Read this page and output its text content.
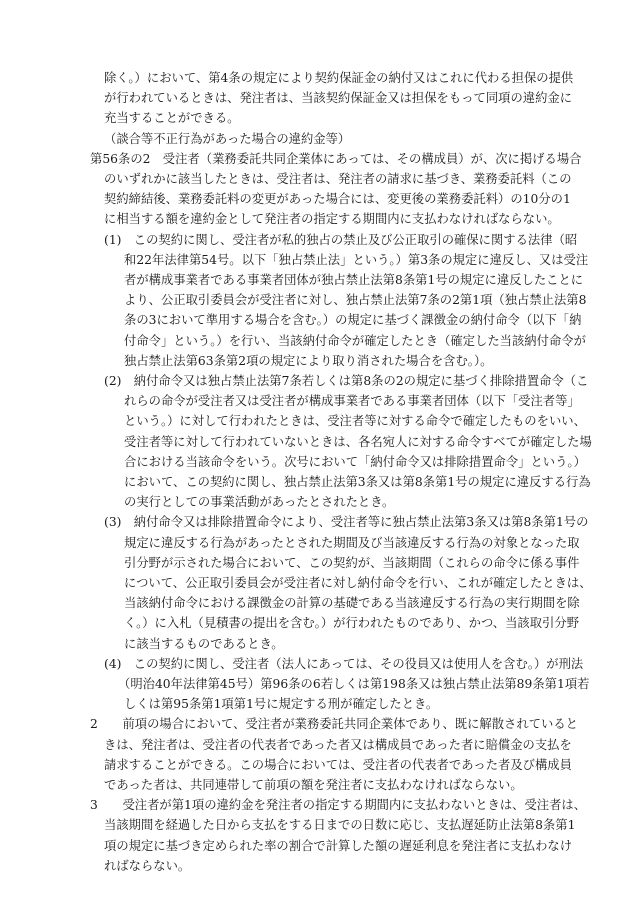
除く。）において、第4条の規定により契約保証金の納付又はこれに代わる担保の提供
が行われているときは、発注者は、当該契約保証金又は担保をもって同項の違約金に
充当することができる。
（談合等不正行為があった場合の違約金等）
第56条の2　受注者（業務委託共同企業体にあっては、その構成員）が、次に掲げる場合
のいずれかに該当したときは、受注者は、発注者の請求に基づき、業務委託料（この
契約締結後、業務委託料の変更があった場合には、変更後の業務委託料）の10分の1
に相当する額を違約金として発注者の指定する期間内に支払わなければならない。
(1)　この契約に関し、受注者が私的独占の禁止及び公正取引の確保に関する法律（昭
和22年法律第54号。以下「独占禁止法」という。）第3条の規定に違反し、又は受注
者が構成事業者である事業者団体が独占禁止法第8条第1号の規定に違反したことに
より、公正取引委員会が受注者に対し、独占禁止法第7条の2第1項（独占禁止法第8
条の3において準用する場合を含む。）の規定に基づく課徴金の納付命令（以下「納
付命令」という。）を行い、当該納付命令が確定したとき（確定した当該納付命令が
独占禁止法第63条第2項の規定により取り消された場合を含む。）。
(2)　納付命令又は独占禁止法第7条若しくは第8条の2の規定に基づく排除措置命令（こ
れらの命令が受注者又は受注者が構成事業者である事業者団体（以下「受注者等」
という。）に対して行われたときは、受注者等に対する命令で確定したものをいい、
受注者等に対して行われていないときは、各名宛人に対する命令すべてが確定した場
合における当該命令をいう。次号において「納付命令又は排除措置命令」という。）
において、この契約に関し、独占禁止法第3条又は第8条第1号の規定に違反する行為
の実行としての事業活動があったとされたとき。
(3)　納付命令又は排除措置命令により、受注者等に独占禁止法第3条又は第8条第1号の
規定に違反する行為があったとされた期間及び当該違反する行為の対象となった取
引分野が示された場合において、この契約が、当該期間（これらの命令に係る事件
について、公正取引委員会が受注者に対し納付命令を行い、これが確定したときは、
当該納付命令における課徴金の計算の基礎である当該違反する行為の実行期間を除
く。）に入札（見積書の提出を含む。）が行われたものであり、かつ、当該取引分野
に該当するものであるとき。
(4)　この契約に関し、受注者（法人にあっては、その役員又は使用人を含む。）が刑法
（明治40年法律第45号）第96条の6若しくは第198条又は独占禁止法第89条第1項若
しくは第95条第1項第1号に規定する刑が確定したとき。
2　　前項の場合において、受注者が業務委託共同企業体であり、既に解散されていると
きは、発注者は、受注者の代表者であった者又は構成員であった者に賠償金の支払を
請求することができる。この場合においては、受注者の代表者であった者及び構成員
であった者は、共同連帯して前項の額を発注者に支払わなければならない。
3　　受注者が第1項の違約金を発注者の指定する期間内に支払わないときは、受注者は、
当該期間を経過した日から支払をする日までの日数に応じ、支払遅延防止法第8条第1
項の規定に基づき定められた率の割合で計算した額の遅延利息を発注者に支払わなけ
ればならない。
